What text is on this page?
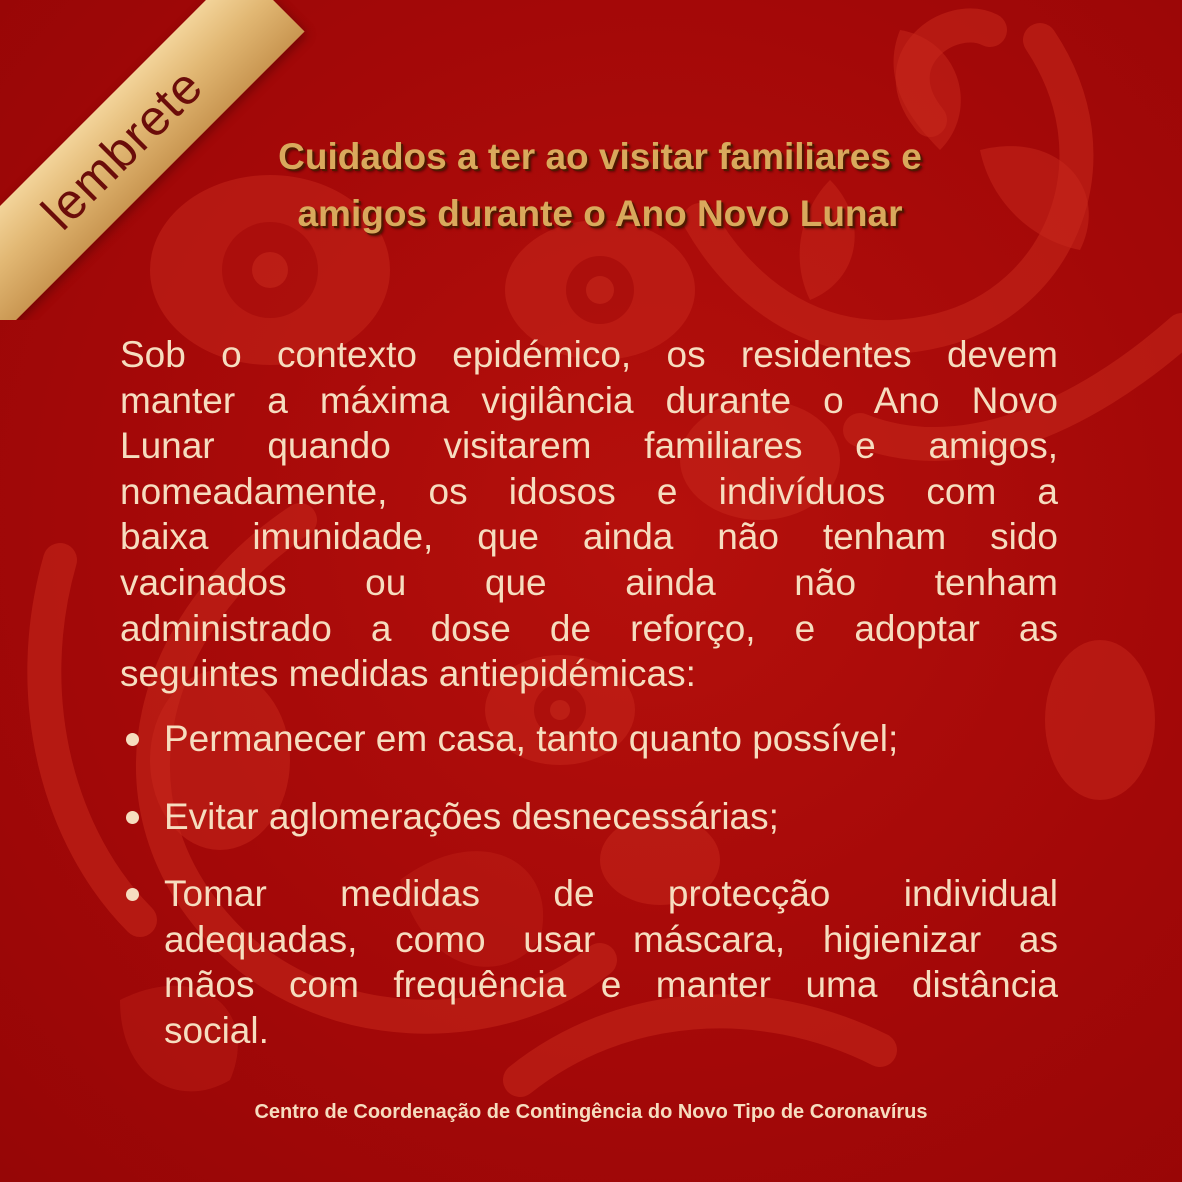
lembrete	Cuidados a ter ao visitar familiares e
amigos durante o Ano Novo Lunar

Sob o contexto epidémico, os residentes devem
manter a máxima vigilância durante o Ano Novo
Lunar quando visitarem familiares e amigos,
nomeadamente, os idosos e indivíduos com a
baixa imunidade, que ainda não tenham sido
vacinados ou que ainda não tenham
administrado a dose de reforço, e adoptar as
seguintes medidas antiepidémicas:

Permanecer em casa, tanto quanto possível;
Evitar aglomerações desnecessárias;
Tomar medidas de protecção individual
adequadas, como usar máscara, higienizar as
mãos com frequência e manter uma distância
social.

Centro de Coordenação de Contingência do Novo Tipo de Coronavírus
